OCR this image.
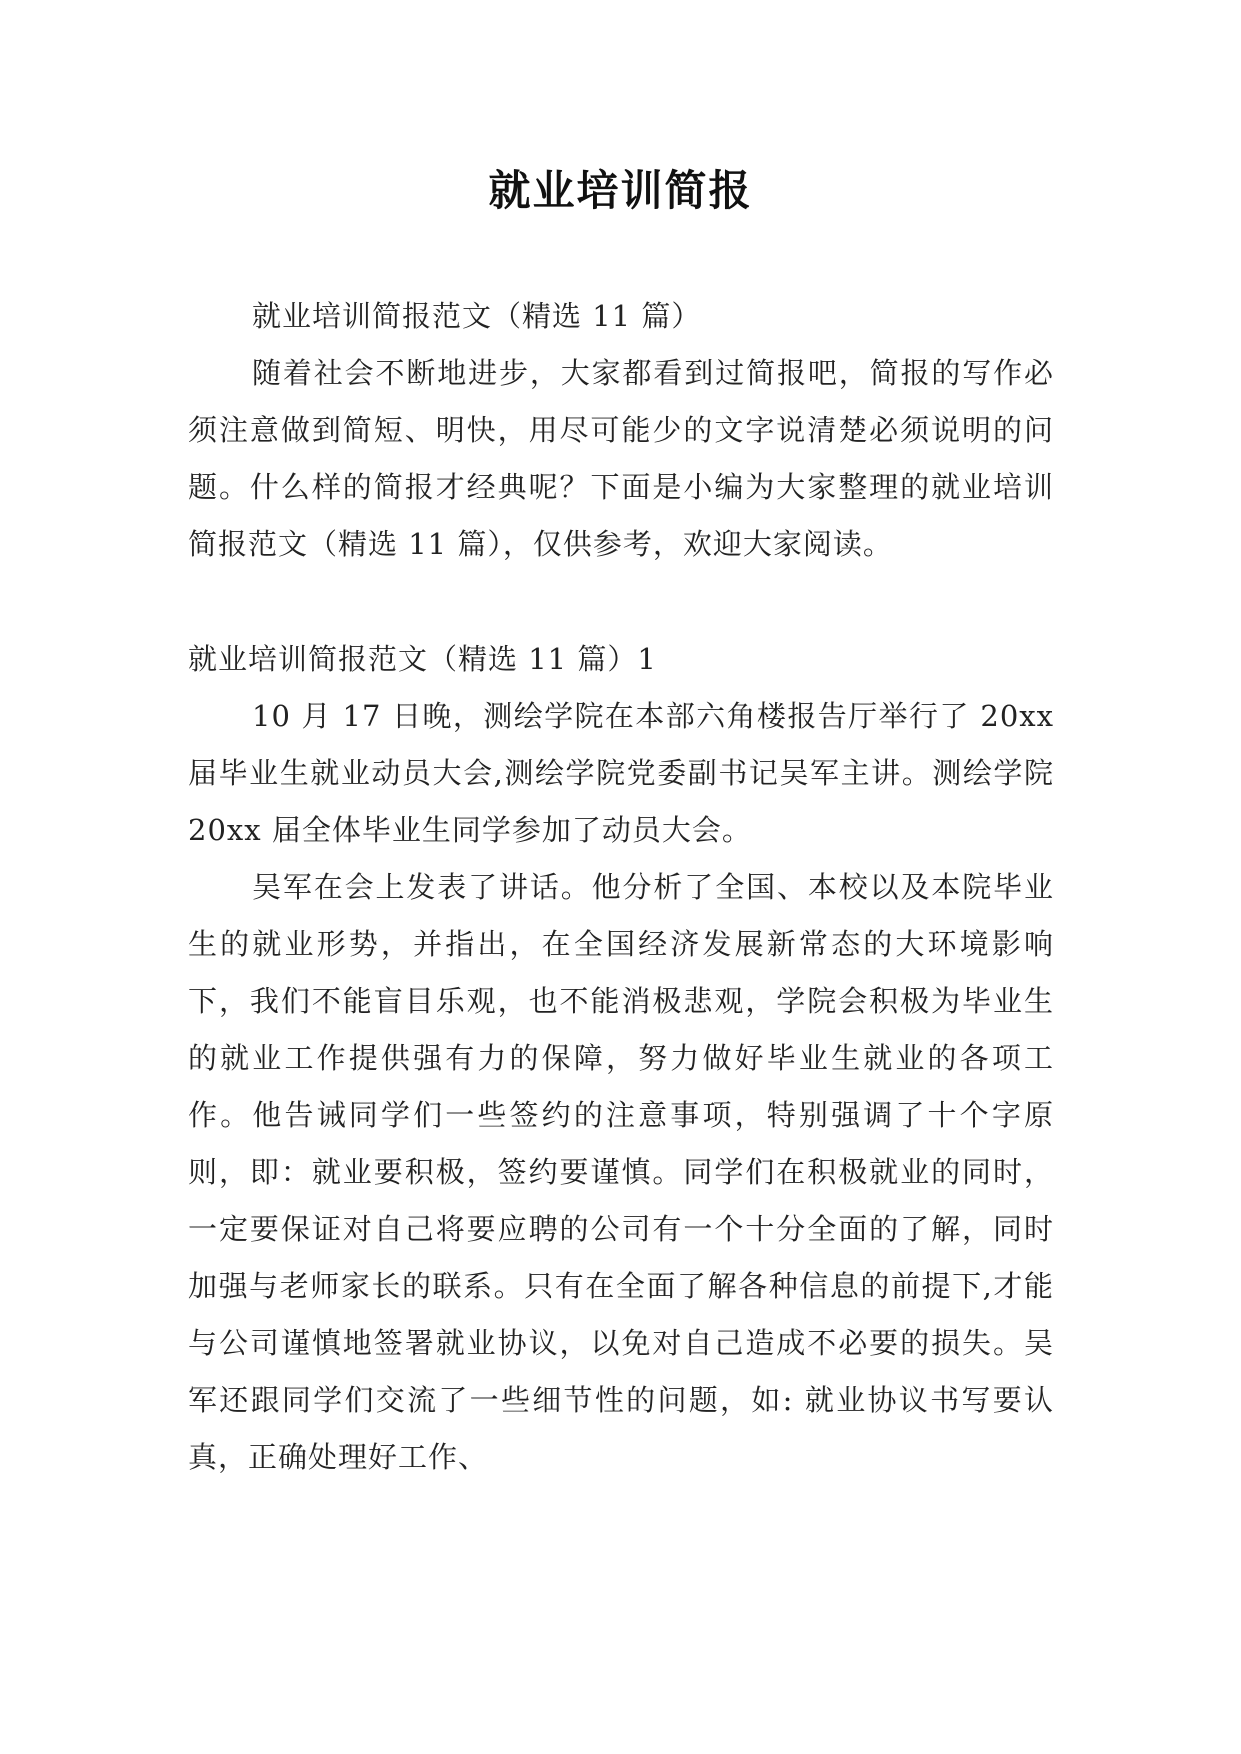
就业培训简报

就业培训简报范文（精选 11 篇）

随着社会不断地进步，大家都看到过简报吧，简报的写作必须注意做到简短、明快，用尽可能少的文字说清楚必须说明的问题。什么样的简报才经典呢？下面是小编为大家整理的就业培训简报范文（精选 11 篇），仅供参考，欢迎大家阅读。

就业培训简报范文（精选 11 篇）1

10 月 17 日晚，测绘学院在本部六角楼报告厅举行了 20xx届毕业生就业动员大会,测绘学院党委副书记吴军主讲。测绘学院 20xx 届全体毕业生同学参加了动员大会。

吴军在会上发表了讲话。他分析了全国、本校以及本院毕业生的就业形势，并指出，在全国经济发展新常态的大环境影响下，我们不能盲目乐观，也不能消极悲观，学院会积极为毕业生的就业工作提供强有力的保障，努力做好毕业生就业的各项工作。他告诫同学们一些签约的注意事项，特别强调了十个字原则，即：就业要积极，签约要谨慎。同学们在积极就业的同时，一定要保证对自己将要应聘的公司有一个十分全面的了解，同时加强与老师家长的联系。只有在全面了解各种信息的前提下,才能与公司谨慎地签署就业协议，以免对自己造成不必要的损失。吴军还跟同学们交流了一些细节性的问题，如: 就业协议书写要认真，正确处理好工作、
